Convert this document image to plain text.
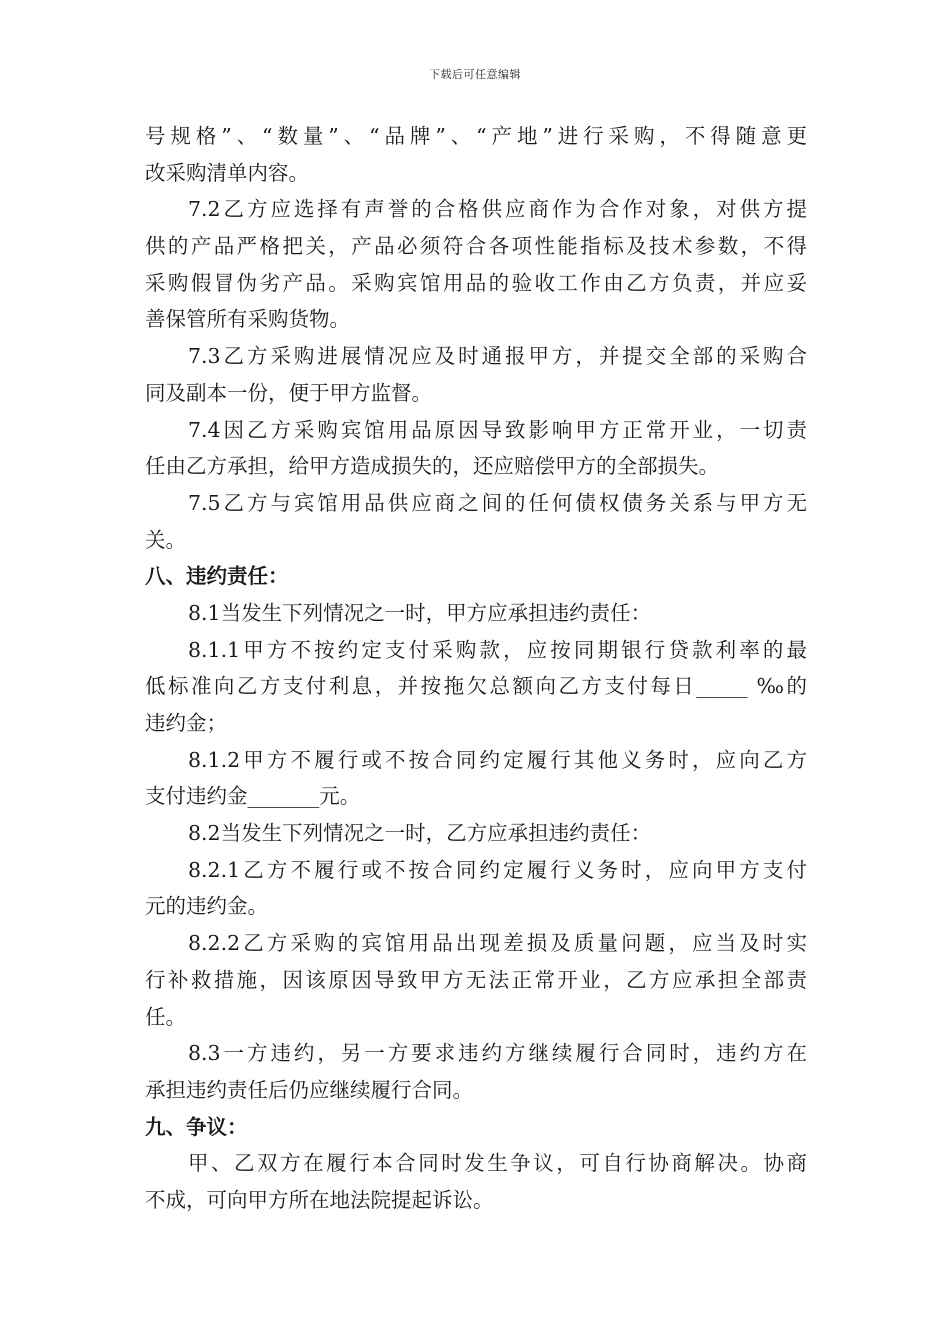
下载后可任意编辑
号规格”、“数量”、“品牌”、“产地”进行采购，不得随意更
改采购清单内容。
7.2乙方应选择有声誉的合格供应商作为合作对象，对供方提
供的产品严格把关，产品必须符合各项性能指标及技术参数，不得
采购假冒伪劣产品。采购宾馆用品的验收工作由乙方负责，并应妥
善保管所有采购货物。
7.3乙方采购进展情况应及时通报甲方，并提交全部的采购合
同及副本一份，便于甲方监督。
7.4因乙方采购宾馆用品原因导致影响甲方正常开业，一切责
任由乙方承担，给甲方造成损失的，还应赔偿甲方的全部损失。
7.5乙方与宾馆用品供应商之间的任何债权债务关系与甲方无
关。
八、违约责任：
8.1当发生下列情况之一时，甲方应承担违约责任：
8.1.1甲方不按约定支付采购款，应按同期银行贷款利率的最
低标准向乙方支付利息，并按拖欠总额向乙方支付每日_____ ‰的
违约金；
8.1.2甲方不履行或不按合同约定履行其他义务时，应向乙方
支付违约金_______元。
8.2当发生下列情况之一时，乙方应承担违约责任：
8.2.1乙方不履行或不按合同约定履行义务时，应向甲方支付
元的违约金。
8.2.2乙方采购的宾馆用品出现差损及质量问题，应当及时实
行补救措施，因该原因导致甲方无法正常开业，乙方应承担全部责
任。
8.3一方违约，另一方要求违约方继续履行合同时，违约方在
承担违约责任后仍应继续履行合同。
九、争议：
甲、乙双方在履行本合同时发生争议，可自行协商解决。协商
不成，可向甲方所在地法院提起诉讼。
